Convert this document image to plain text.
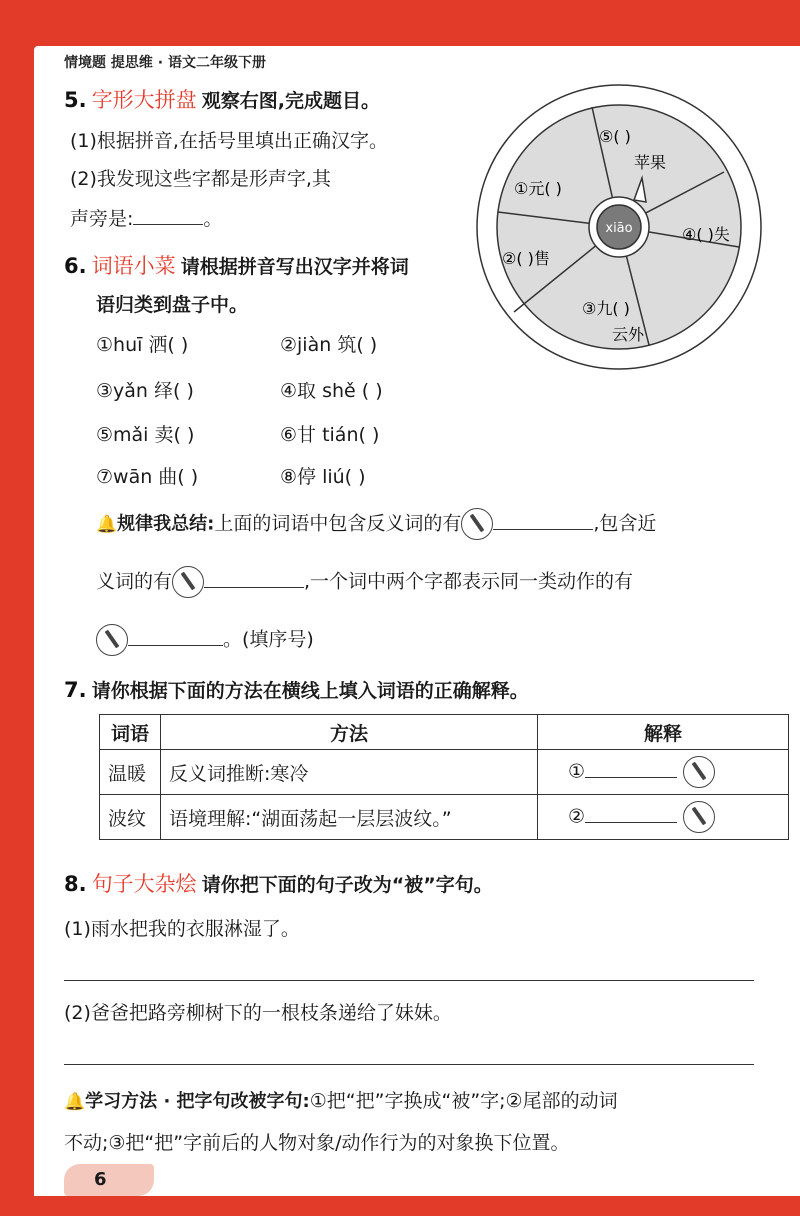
情境题 提思维 · 语文二年级下册
5. 字形大拼盘 观察右图,完成题目。
(1)根据拼音,在括号里填出正确汉字。
(2)我发现这些字都是形声字,其
声旁是:	。	xiāo
⑤( )
苹果
①元( )
④( )失
②( )售
③九( )
云外
6. 词语小菜 请根据拼音写出汉字并将词
语归类到盘子中。
①huī 洒( )	②jiàn 筑( )
③yǎn 绎( )	④取 shě ( )
⑤mǎi 卖( )	⑥甘 tián( )
⑦wān 曲( )	⑧停 liú( )
🔔规律我总结:上面的词语中包含反义词的有	,包含近
义词的有	,一个词中两个字都表示同一类动作的有
。(填序号)
7. 请你根据下面的方法在横线上填入词语的正确解释。
词语	方法	解释
温暖	反义词推断:寒冷	①
波纹	语境理解:“湖面荡起一层层波纹。”	②
8. 句子大杂烩 请你把下面的句子改为“被”字句。
(1)雨水把我的衣服淋湿了。
(2)爸爸把路旁柳树下的一根枝条递给了妹妹。
🔔学习方法 · 把字句改被字句:①把“把”字换成“被”字;②尾部的动词
不动;③把“把”字前后的人物对象/动作行为的对象换下位置。
6
